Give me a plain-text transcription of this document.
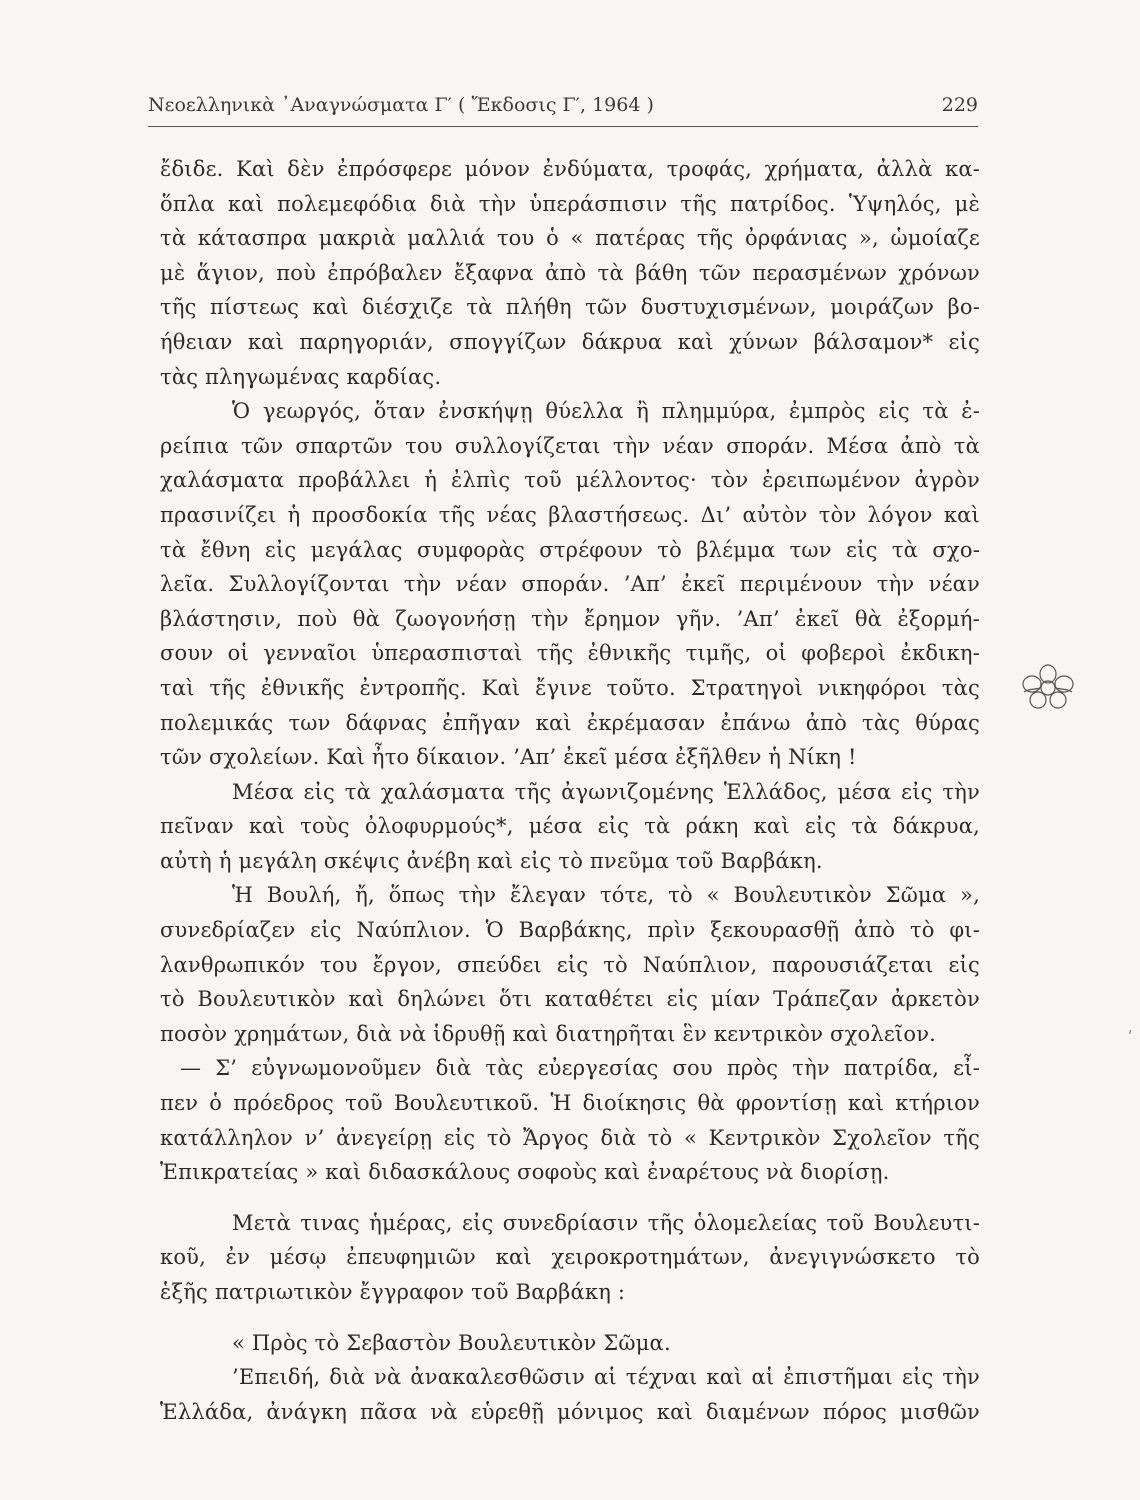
Νεοελληνικὰ ᾿Αναγνώσματα Γ′ ( Ἔκδοσις Γ′, 1964 )	229
ἔδιδε. Καὶ δὲν ἐπρόσφερε μόνον ἐνδύματα, τροφάς, χρήματα, ἀλλὰ κα-
ὅπλα καὶ πολεμεφόδια διὰ τὴν ὑπεράσπισιν τῆς πατρίδος. Ὑψηλός, μὲ
τὰ κάτασπρα μακριὰ μαλλιά του ὁ « πατέρας τῆς ὀρφάνιας », ὡμοίαζε
μὲ ἅγιον, ποὺ ἐπρόβαλεν ἔξαφνα ἀπὸ τὰ βάθη τῶν περασμένων χρόνων
τῆς πίστεως καὶ διέσχιζε τὰ πλήθη τῶν δυστυχισμένων, μοιράζων βο-
ήθειαν καὶ παρηγοριάν, σπογγίζων δάκρυα καὶ χύνων βάλσαμον* εἰς
τὰς πληγωμένας καρδίας.
Ὁ γεωργός, ὅταν ἐνσκήψῃ θύελλα ἢ πλημμύρα, ἐμπρὸς εἰς τὰ ἐ-
ρείπια τῶν σπαρτῶν του συλλογίζεται τὴν νέαν σποράν. Μέσα ἀπὸ τὰ
χαλάσματα προβάλλει ἡ ἐλπὶς τοῦ μέλλοντος· τὸν ἐρειπωμένον ἀγρὸν
πρασινίζει ἡ προσδοκία τῆς νέας βλαστήσεως. Δι’ αὐτὸν τὸν λόγον καὶ
τὰ ἔθνη εἰς μεγάλας συμφορὰς στρέφουν τὸ βλέμμα των εἰς τὰ σχο-
λεῖα. Συλλογίζονται τὴν νέαν σποράν. ’Απ’ ἐκεῖ περιμένουν τὴν νέαν
βλάστησιν, ποὺ θὰ ζωογονήσῃ τὴν ἔρημον γῆν. ’Απ’ ἐκεῖ θὰ ἐξορμή-
σουν οἱ γενναῖοι ὑπερασπισταὶ τῆς ἐθνικῆς τιμῆς, οἱ φοβεροὶ ἐκδικη-
ταὶ τῆς ἐθνικῆς ἐντροπῆς. Καὶ ἔγινε τοῦτο. Στρατηγοὶ νικηφόροι τὰς
πολεμικάς των δάφνας ἐπῆγαν καὶ ἐκρέμασαν ἐπάνω ἀπὸ τὰς θύρας
τῶν σχολείων. Καὶ ἦτο δίκαιον. ’Απ’ ἐκεῖ μέσα ἐξῆλθεν ἡ Νίκη !
Μέσα εἰς τὰ χαλάσματα τῆς ἀγωνιζομένης Ἑλλάδος, μέσα εἰς τὴν
πεῖναν καὶ τοὺς ὀλοφυρμούς*, μέσα εἰς τὰ ράκη καὶ εἰς τὰ δάκρυα,
αὐτὴ ἡ μεγάλη σκέψις ἀνέβη καὶ εἰς τὸ πνεῦμα τοῦ Βαρβάκη.
Ἡ Βουλή, ἤ, ὅπως τὴν ἔλεγαν τότε, τὸ « Βουλευτικὸν Σῶμα »,
συνεδρίαζεν εἰς Ναύπλιον. Ὁ Βαρβάκης, πρὶν ξεκουρασθῇ ἀπὸ τὸ φι-
λανθρωπικόν του ἔργον, σπεύδει εἰς τὸ Ναύπλιον, παρουσιάζεται εἰς
τὸ Βουλευτικὸν καὶ δηλώνει ὅτι καταθέτει εἰς μίαν Τράπεζαν ἀρκετὸν
ποσὸν χρημάτων, διὰ νὰ ἱδρυθῇ καὶ διατηρῆται ἓν κεντρικὸν σχολεῖον.
— Σ’ εὐγνωμονοῦμεν διὰ τὰς εὐεργεσίας σου πρὸς τὴν πατρίδα, εἶ-
πεν ὁ πρόεδρος τοῦ Βουλευτικοῦ. Ἡ διοίκησις θὰ φροντίσῃ καὶ κτήριον
κατάλληλον ν’ ἀνεγείρῃ εἰς τὸ Ἄργος διὰ τὸ « Κεντρικὸν Σχολεῖον τῆς
Ἐπικρατείας » καὶ διδασκάλους σοφοὺς καὶ ἐναρέτους νὰ διορίσῃ.
Μετὰ τινας ἡμέρας, εἰς συνεδρίασιν τῆς ὁλομελείας τοῦ Βουλευτι-
κοῦ, ἐν μέσῳ ἐπευφημιῶν καὶ χειροκροτημάτων, ἀνεγιγνώσκετο τὸ
ἑξῆς πατριωτικὸν ἔγγραφον τοῦ Βαρβάκη :
« Πρὸς τὸ Σεβαστὸν Βουλευτικὸν Σῶμα.
’Επειδή, διὰ νὰ ἀνακαλεσθῶσιν αἱ τέχναι καὶ αἱ ἐπιστῆμαι εἰς τὴν
Ἑλλάδα, ἀνάγκη πᾶσα νὰ εὑρεθῇ μόνιμος καὶ διαμένων πόρος μισθῶν
ʹ
